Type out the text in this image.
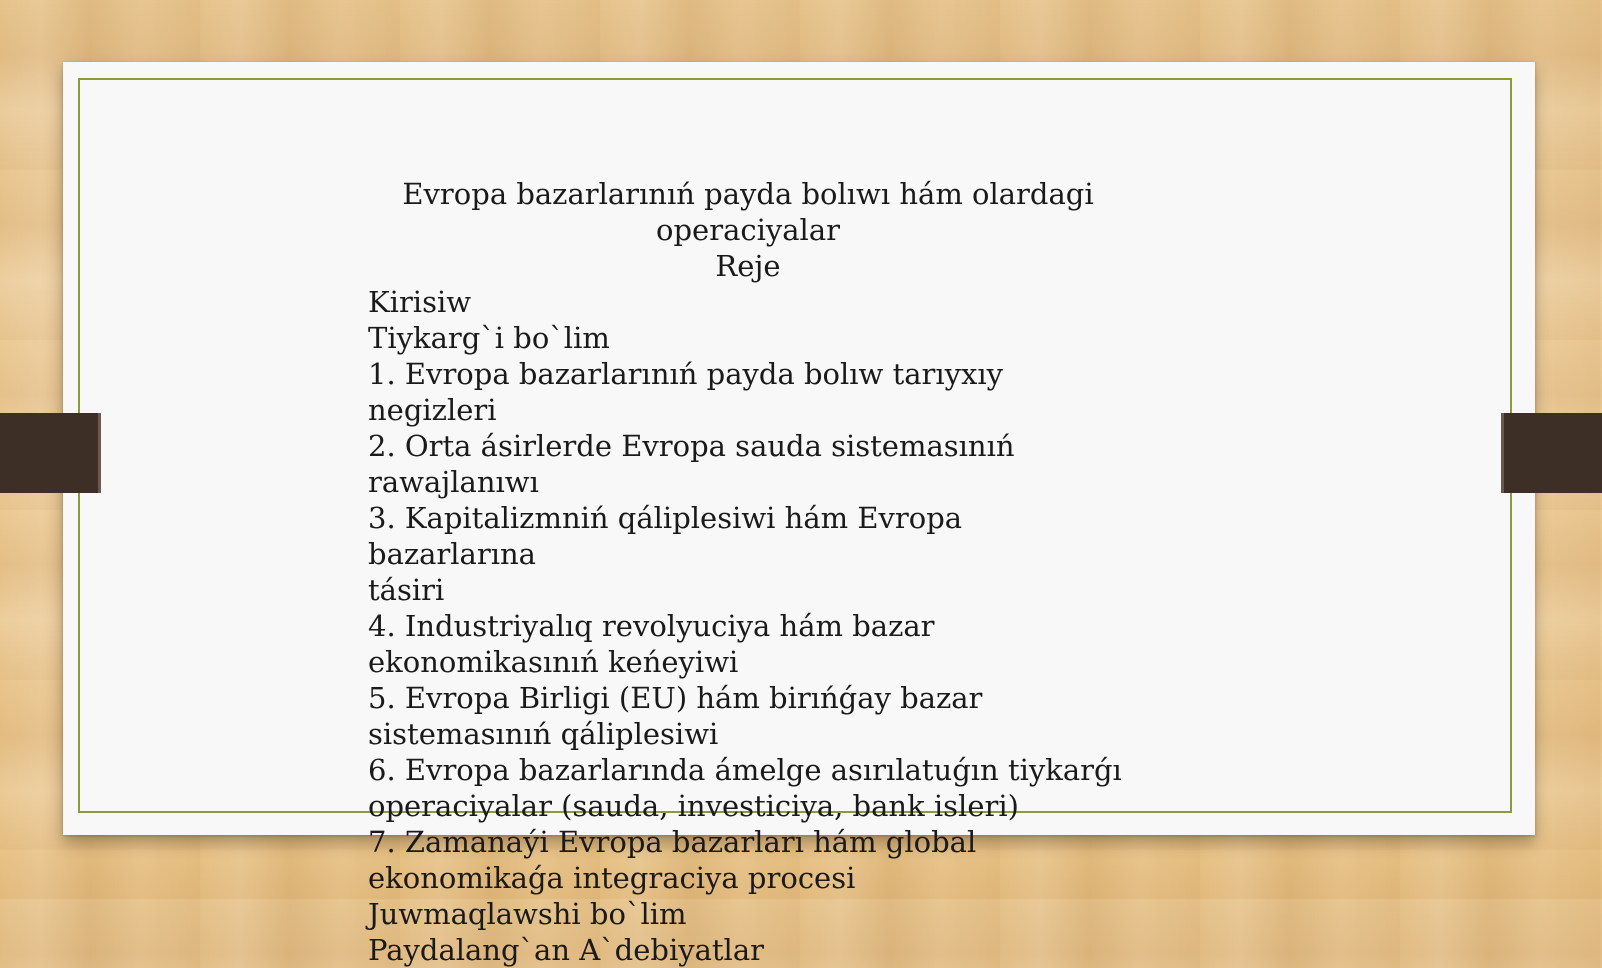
Evropa bazarlarınıń payda bolıwı hám olardagi
operaciyalar
Reje
Kirisiw
Tiykarg`i bo`lim
1. Evropa bazarlarınıń payda bolıw tarıyxıy negizleri
2. Orta ásirlerde Evropa sauda sistemasınıń
rawajlanıwı
3. Kapitalizmniń qáliplesiwi hám Evropa bazarlarına
tásiri
4. Industriyalıq revolyuciya hám bazar
ekonomikasınıń keńeyiwi
5. Evropa Birligi (EU) hám birıńǵay bazar
sistemasınıń qáliplesiwi
6. Evropa bazarlarında ámelge asırılatuǵın tiykarǵı
operaciyalar (sauda, investiciya, bank isleri)
7. Zamanaýi Evropa bazarları hám global
ekonomikaǵa integraciya procesi
Juwmaqlawshi bo`lim
Paydalang`an A`debiyatlar
